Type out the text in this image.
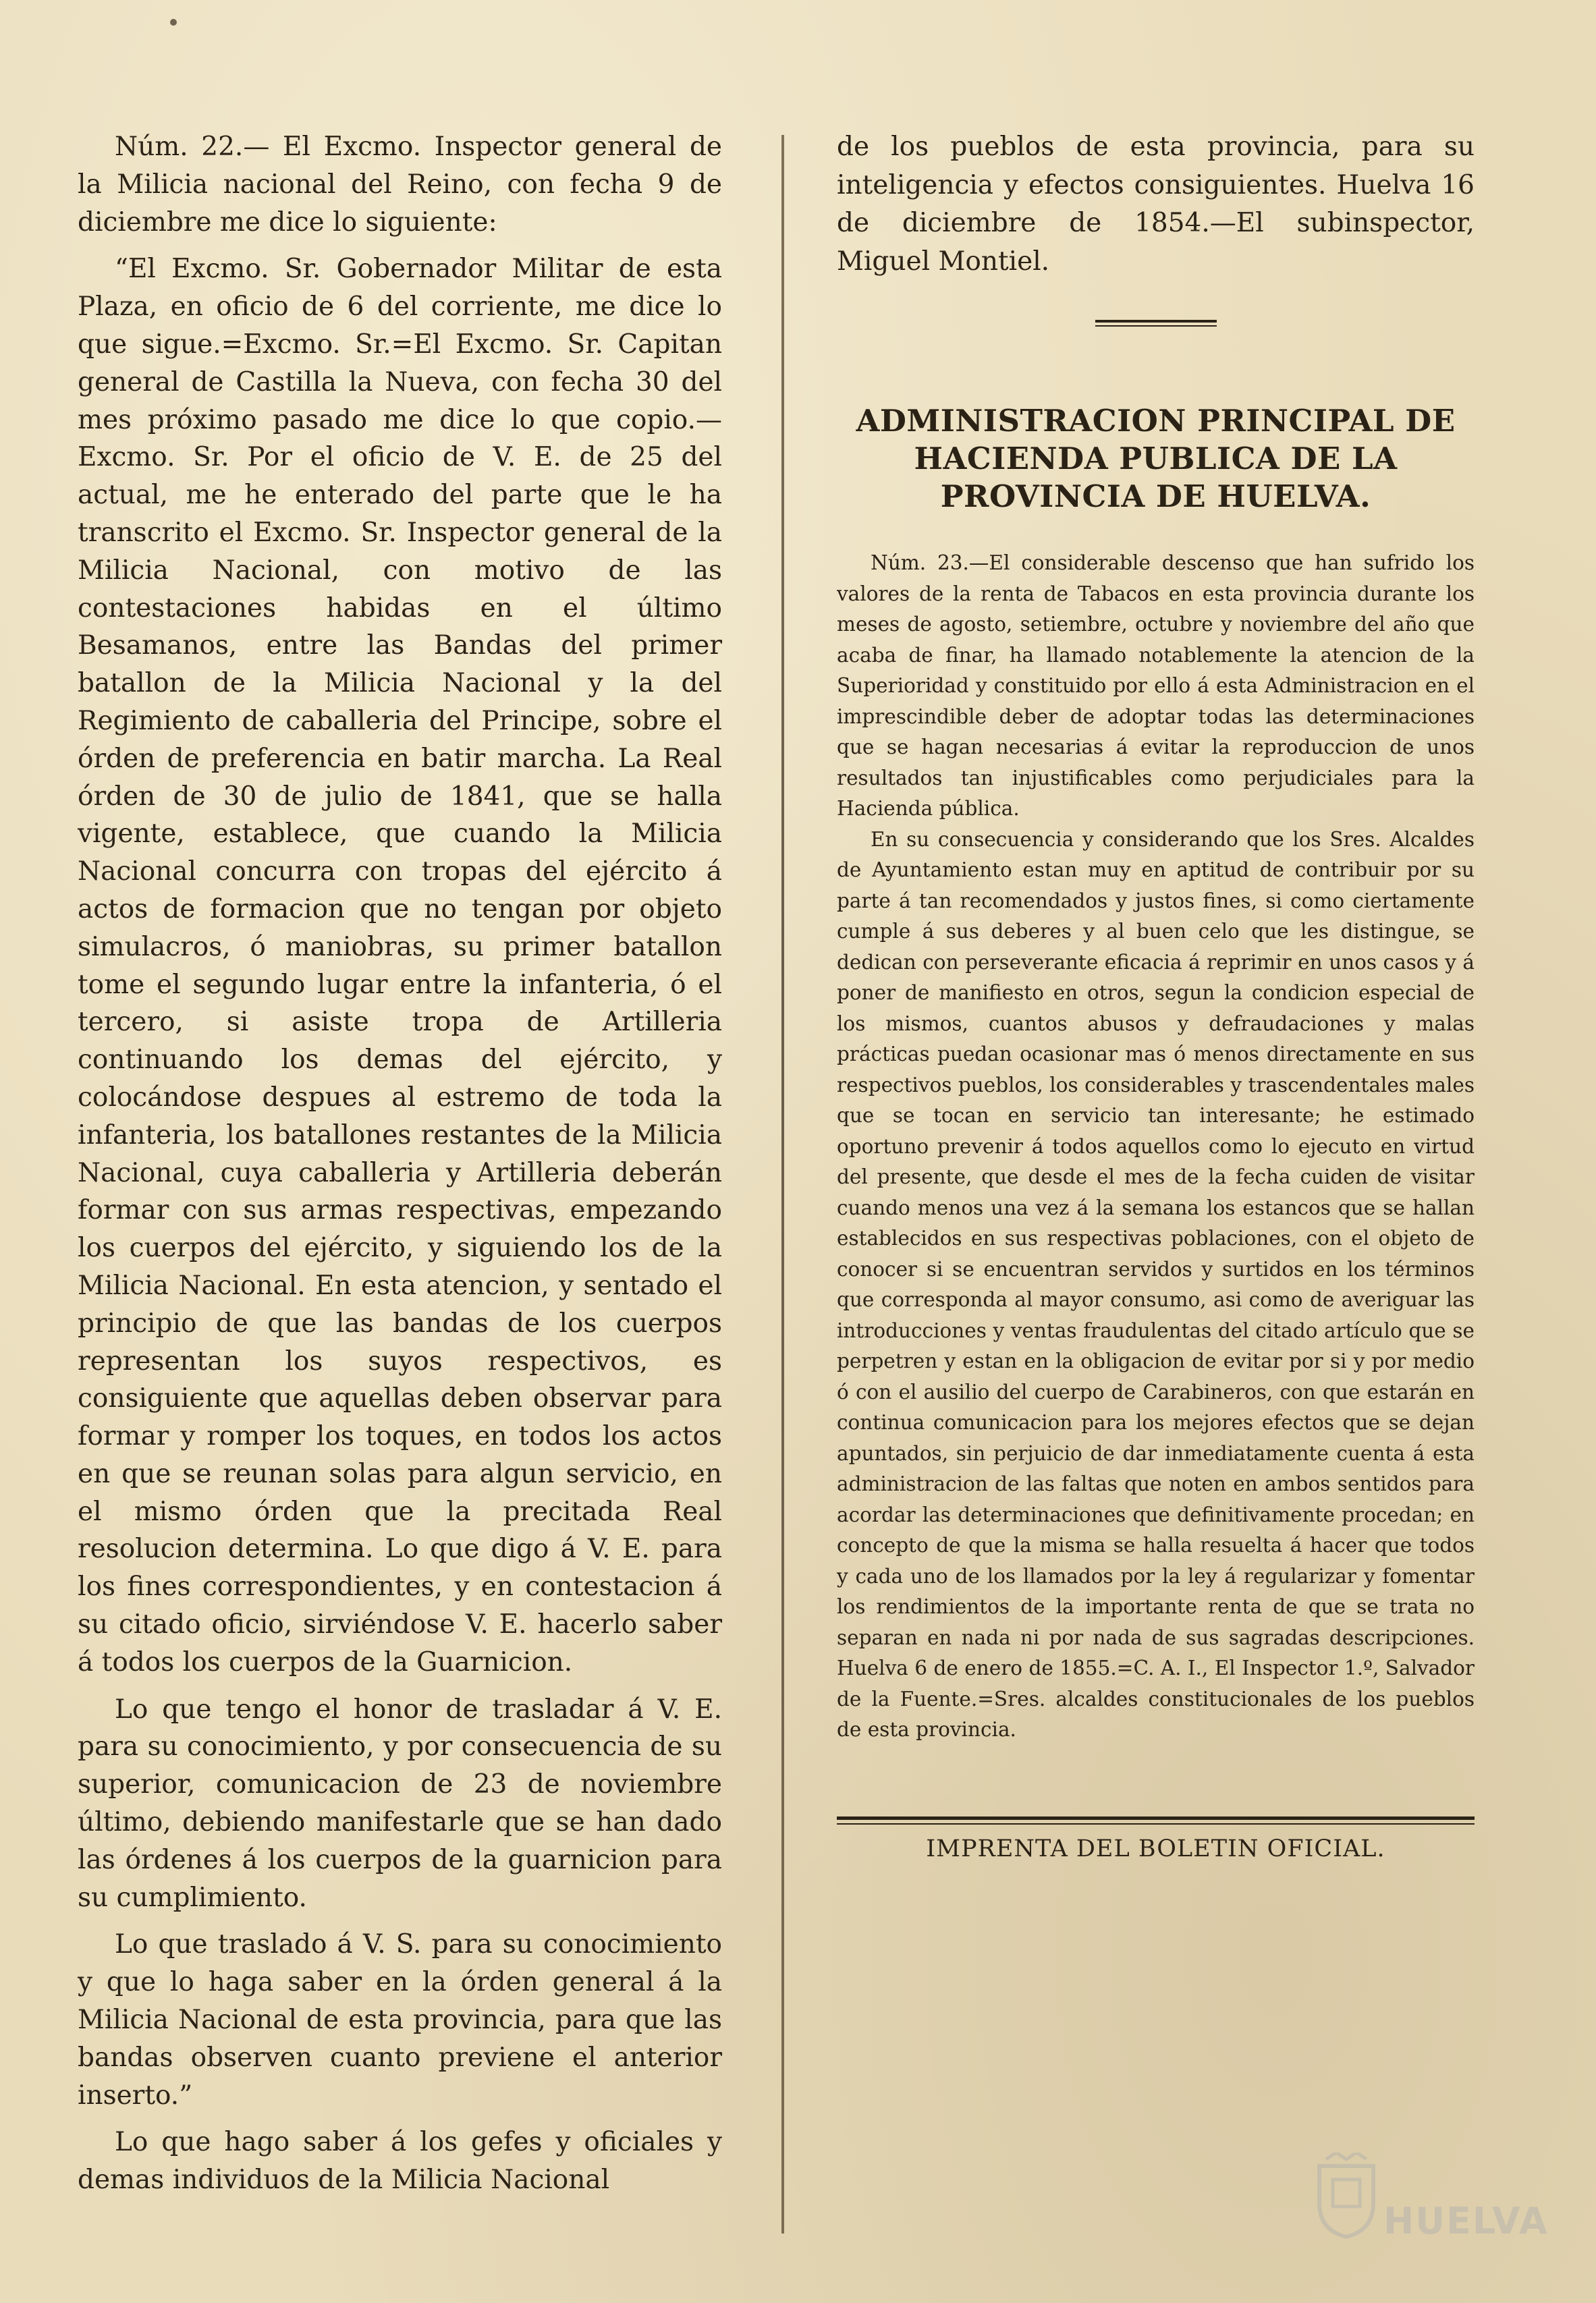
Núm. 22.— El Excmo. Inspector general de la Milicia nacional del Reino, con fecha 9 de diciembre me dice lo siguiente:

“El Excmo. Sr. Gobernador Militar de esta Plaza, en oficio de 6 del corriente, me dice lo que sigue.=Excmo. Sr.=El Excmo. Sr. Capitan general de Castilla la Nueva, con fecha 30 del mes próximo pasado me dice lo que copio.—Excmo. Sr. Por el oficio de V. E. de 25 del actual, me he enterado del parte que le ha transcrito el Excmo. Sr. Inspector general de la Milicia Nacional, con motivo de las contestaciones habidas en el último Besamanos, entre las Bandas del primer batallon de la Milicia Nacional y la del Regimiento de caballeria del Principe, sobre el órden de preferencia en batir marcha. La Real órden de 30 de julio de 1841, que se halla vigente, establece, que cuando la Milicia Nacional concurra con tropas del ejército á actos de formacion que no tengan por objeto simulacros, ó maniobras, su primer batallon tome el segundo lugar entre la infanteria, ó el tercero, si asiste tropa de Artilleria continuando los demas del ejército, y colocándose despues al estremo de toda la infanteria, los batallones restantes de la Milicia Nacional, cuya caballeria y Artilleria deberán formar con sus armas respectivas, empezando los cuerpos del ejército, y siguiendo los de la Milicia Nacional. En esta atencion, y sentado el principio de que las bandas de los cuerpos representan los suyos respectivos, es consiguiente que aquellas deben observar para formar y romper los toques, en todos los actos en que se reunan solas para algun servicio, en el mismo órden que la precitada Real resolucion determina. Lo que digo á V. E. para los fines correspondientes, y en contestacion á su citado oficio, sirviéndose V. E. hacerlo saber á todos los cuerpos de la Guarnicion.

Lo que tengo el honor de trasladar á V. E. para su conocimiento, y por consecuencia de su superior, comunicacion de 23 de noviembre último, debiendo manifestarle que se han dado las órdenes á los cuerpos de la guarnicion para su cumplimiento.

Lo que traslado á V. S. para su conocimiento y que lo haga saber en la órden general á la Milicia Nacional de esta provincia, para que las bandas observen cuanto previene el anterior inserto.”

Lo que hago saber á los gefes y oficiales y demas individuos de la Milicia Nacional

de los pueblos de esta provincia, para su inteligencia y efectos consiguientes. Huelva 16 de diciembre de 1854.—El subinspector, Miguel Montiel.

ADMINISTRACION PRINCIPAL DE HACIENDA PUBLICA DE LA PROVINCIA DE HUELVA.

Núm. 23.—El considerable descenso que han sufrido los valores de la renta de Tabacos en esta provincia durante los meses de agosto, setiembre, octubre y noviembre del año que acaba de finar, ha llamado notablemente la atencion de la Superioridad y constituido por ello á esta Administracion en el imprescindible deber de adoptar todas las determinaciones que se hagan necesarias á evitar la reproduccion de unos resultados tan injustificables como perjudiciales para la Hacienda pública.

En su consecuencia y considerando que los Sres. Alcaldes de Ayuntamiento estan muy en aptitud de contribuir por su parte á tan recomendados y justos fines, si como ciertamente cumple á sus deberes y al buen celo que les distingue, se dedican con perseverante eficacia á reprimir en unos casos y á poner de manifiesto en otros, segun la condicion especial de los mismos, cuantos abusos y defraudaciones y malas prácticas puedan ocasionar mas ó menos directamente en sus respectivos pueblos, los considerables y trascendentales males que se tocan en servicio tan interesante; he estimado oportuno prevenir á todos aquellos como lo ejecuto en virtud del presente, que desde el mes de la fecha cuiden de visitar cuando menos una vez á la semana los estancos que se hallan establecidos en sus respectivas poblaciones, con el objeto de conocer si se encuentran servidos y surtidos en los términos que corresponda al mayor consumo, asi como de averiguar las introducciones y ventas fraudulentas del citado artículo que se perpetren y estan en la obligacion de evitar por si y por medio ó con el ausilio del cuerpo de Carabineros, con que estarán en continua comunicacion para los mejores efectos que se dejan apuntados, sin perjuicio de dar inmediatamente cuenta á esta administracion de las faltas que noten en ambos sentidos para acordar las determinaciones que definitivamente procedan; en concepto de que la misma se halla resuelta á hacer que todos y cada uno de los llamados por la ley á regularizar y fomentar los rendimientos de la importante renta de que se trata no separan en nada ni por nada de sus sagradas descripciones. Huelva 6 de enero de 1855.=C. A. I., El Inspector 1.º, Salvador de la Fuente.=Sres. alcaldes constitucionales de los pueblos de esta provincia.

IMPRENTA DEL BOLETIN OFICIAL.
HUELVA
